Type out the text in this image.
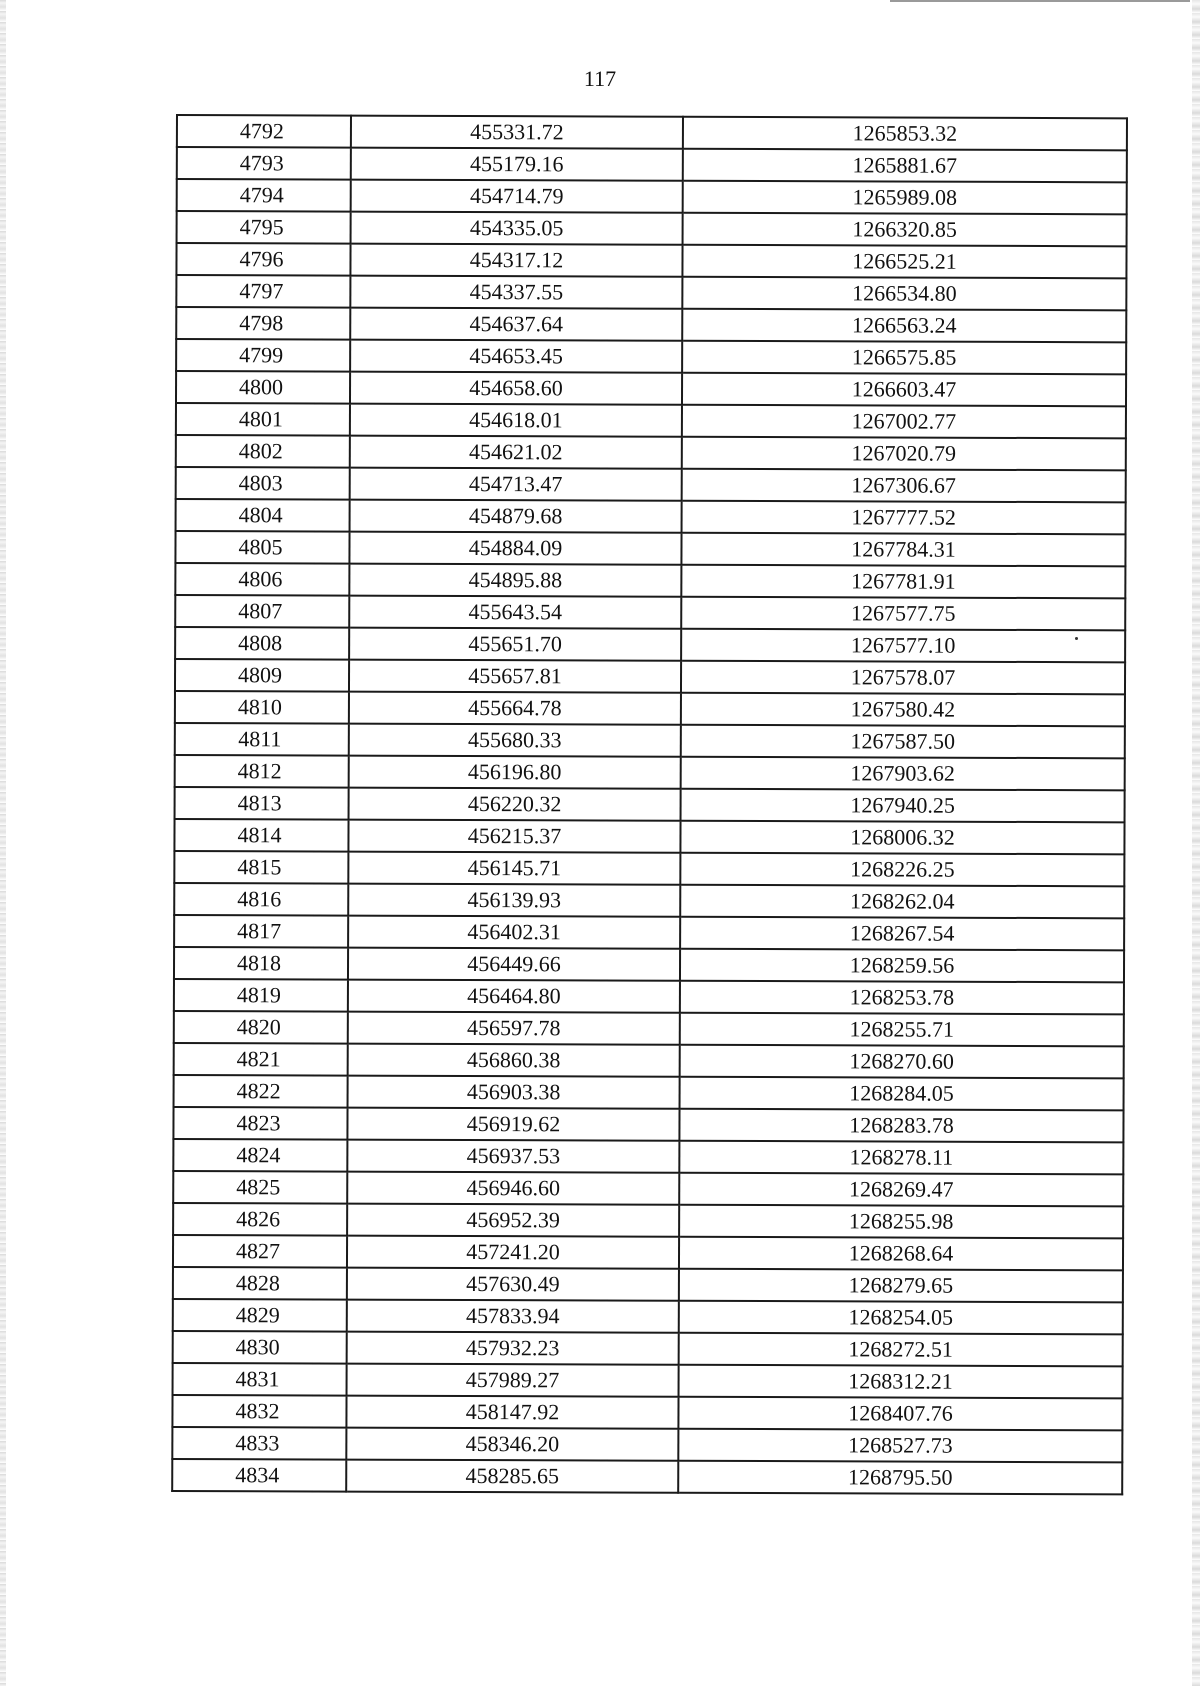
117
4792	455331.72	1265853.32
4793	455179.16	1265881.67
4794	454714.79	1265989.08
4795	454335.05	1266320.85
4796	454317.12	1266525.21
4797	454337.55	1266534.80
4798	454637.64	1266563.24
4799	454653.45	1266575.85
4800	454658.60	1266603.47
4801	454618.01	1267002.77
4802	454621.02	1267020.79
4803	454713.47	1267306.67
4804	454879.68	1267777.52
4805	454884.09	1267784.31
4806	454895.88	1267781.91
4807	455643.54	1267577.75
4808	455651.70	1267577.10
4809	455657.81	1267578.07
4810	455664.78	1267580.42
4811	455680.33	1267587.50
4812	456196.80	1267903.62
4813	456220.32	1267940.25
4814	456215.37	1268006.32
4815	456145.71	1268226.25
4816	456139.93	1268262.04
4817	456402.31	1268267.54
4818	456449.66	1268259.56
4819	456464.80	1268253.78
4820	456597.78	1268255.71
4821	456860.38	1268270.60
4822	456903.38	1268284.05
4823	456919.62	1268283.78
4824	456937.53	1268278.11
4825	456946.60	1268269.47
4826	456952.39	1268255.98
4827	457241.20	1268268.64
4828	457630.49	1268279.65
4829	457833.94	1268254.05
4830	457932.23	1268272.51
4831	457989.27	1268312.21
4832	458147.92	1268407.76
4833	458346.20	1268527.73
4834	458285.65	1268795.50
